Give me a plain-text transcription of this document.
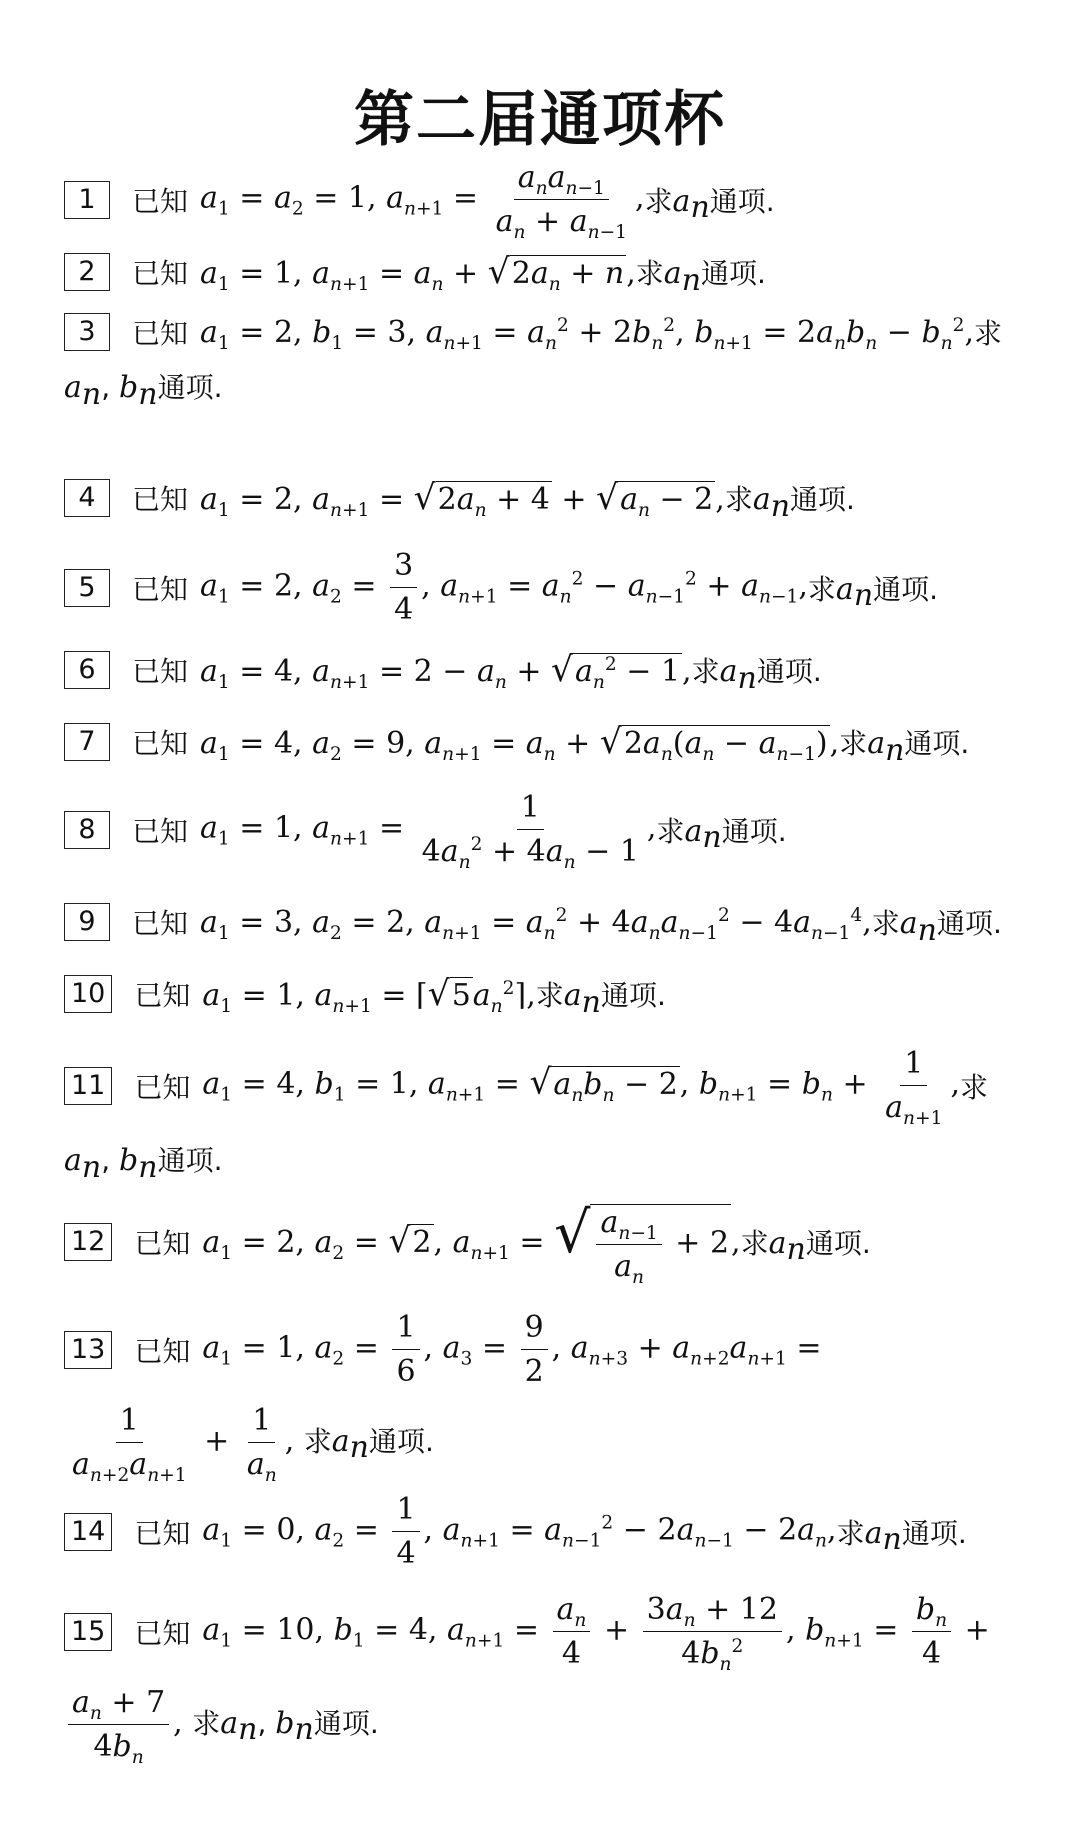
第二届通项杯
1	已知 $a_1 = a_2 = 1$, $a_{n+1} = \frac{a_na_{n-1}}{a_n + a_{n-1}}$ , 求$a_n$通项.
2	已知 $a_1 = 1$, $a_{n+1} = a_n + √2a_n + n$, 求$a_n$通项.
3	已知 $a_1 = 2$, $b_1 = 3$, $a_{n+1} = a_n^2 + 2b_n^2$, $b_{n+1} = 2a_nb_n - b_n^2$, 求
$a_n$, $b_n$通项.
4	已知 $a_1 = 2$, $a_{n+1} = √2a_n + 4 + √a_n - 2$, 求$a_n$通项.
5	已知 $a_1 = 2$, $a_2 = \frac{3}{4}$ , $a_{n+1} = a_n^2 - a_{n-1}^2 + a_{n-1}$, 求$a_n$通项.
6	已知 $a_1 = 4$, $a_{n+1} = 2 - a_n + √a_n^2 - 1$, 求$a_n$通项.
7	已知 $a_1 = 4$, $a_2 = 9$, $a_{n+1} = a_n + √2a_n(a_n - a_{n-1})$, 求$a_n$通项.
8	已知 $a_1 = 1$, $a_{n+1} = \frac{1}{4a_n^2 + 4a_n - 1}$ , 求$a_n$通项.
9	已知 $a_1 = 3$, $a_2 = 2$, $a_{n+1} = a_n^2 + 4a_na_{n-1}^2 - 4a_{n-1}^4$, 求$a_n$通项.
10 已知 $a_1 = 1$, $a_{n+1}$ = $⌈√5a_n^2⌉$, 求$a_n$通项.
11 已知 $a_1 = 4$, $b_1 = 1$, $a_{n+1} = √a_nb_n - 2$, $b_{n+1} = b_n + \frac{1}{a_{n+1}}$ , 求
$a_n$, $b_n$通项.
12 已知 $a_1 = 2$, $a_2 = √2$, $a_{n+1}$ = √ $\frac{a_{n-1}}{a_n} + 2$, 求$a_n$通项.
13 已知 $a_1 = 1$, $a_2 = \frac{1}{6}$ , $a_3 = \frac{9}{2}$ , $a_{n+3} + a_{n+2}a_{n+1}$ =
$\frac{1}{a_{n+2}a_{n+1}} + \frac{1}{a_n}$ , 求$a_n$通项.
14 已知 $a_1 = 0$, $a_2 = \frac{1}{4}$ , $a_{n+1} = a_{n-1}^2 - 2a_{n-1} - 2a_n$, 求$a_n$通项.
15 已知 $a_1 = 10$, $b_1 = 4$, $a_{n+1} = \frac{a_n}{4} + \frac{3a_n + 12}{4b_n^2}$ , $b_{n+1} = \frac{b_n}{4}$ +
$\frac{a_n + 7}{4b_n}$ , 求$a_n$, $b_n$通项.
